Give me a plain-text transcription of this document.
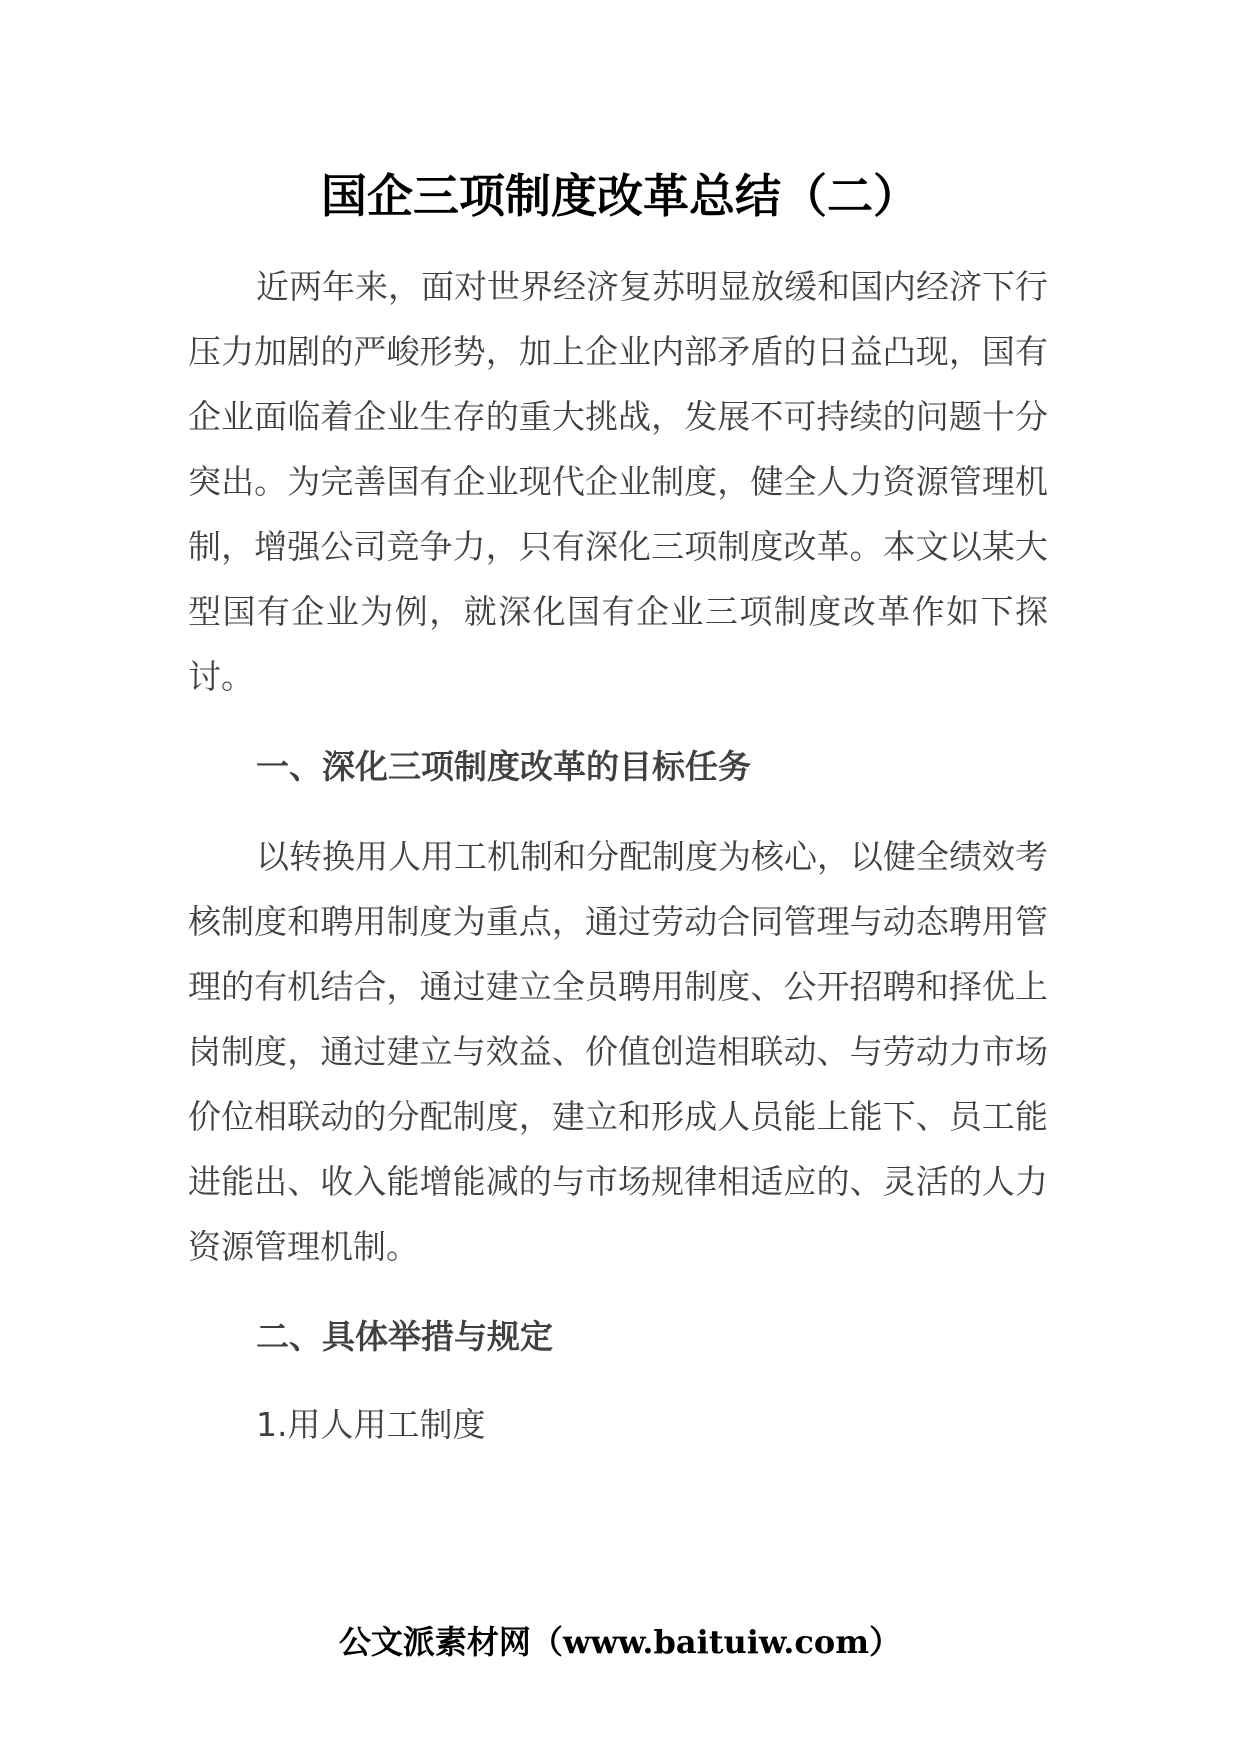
国企三项制度改革总结（二）

近两年来，面对世界经济复苏明显放缓和国内经济下行压力加剧的严峻形势，加上企业内部矛盾的日益凸现，国有企业面临着企业生存的重大挑战，发展不可持续的问题十分突出。为完善国有企业现代企业制度，健全人力资源管理机制，增强公司竞争力，只有深化三项制度改革。本文以某大型国有企业为例，就深化国有企业三项制度改革作如下探讨。

一、深化三项制度改革的目标任务

以转换用人用工机制和分配制度为核心，以健全绩效考核制度和聘用制度为重点，通过劳动合同管理与动态聘用管理的有机结合，通过建立全员聘用制度、公开招聘和择优上岗制度，通过建立与效益、价值创造相联动、与劳动力市场价位相联动的分配制度，建立和形成人员能上能下、员工能进能出、收入能增能减的与市场规律相适应的、灵活的人力资源管理机制。

二、具体举措与规定
1.用人用工制度
公文派素材网（www.baituiw.com）
